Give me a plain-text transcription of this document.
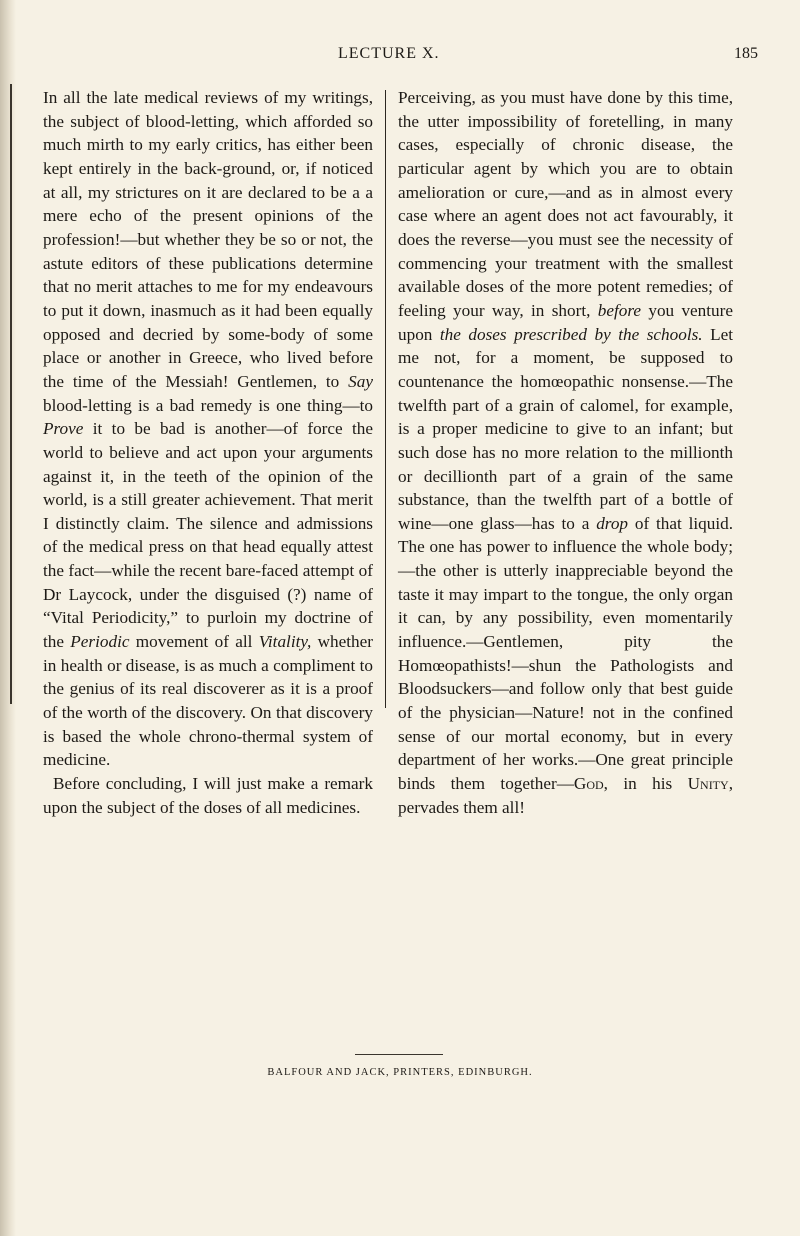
LECTURE X.	185

In all the late medical reviews of my writings, the subject of blood-letting, which afforded so much mirth to my early critics, has either been kept entirely in the back-ground, or, if noticed at all, my strictures on it are declared to be a a mere echo of the present opinions of the profession!—but whether they be so or not, the astute editors of these publications determine that no merit attaches to me for my endeavours to put it down, inasmuch as it had been equally opposed and decried by some-body of some place or another in Greece, who lived before the time of the Messiah! Gentlemen, to Say blood-letting is a bad remedy is one thing—to Prove it to be bad is another—of force the world to believe and act upon your arguments against it, in the teeth of the opinion of the world, is a still greater achievement. That merit I distinctly claim. The silence and admissions of the medical press on that head equally attest the fact—while the recent bare-faced attempt of Dr Laycock, under the disguised (?) name of “Vital Periodicity,” to purloin my doctrine of the Periodic movement of all Vitality, whether in health or disease, is as much a compliment to the genius of its real discoverer as it is a proof of the worth of the discovery. On that discovery is based the whole chrono-thermal system of medicine.

Before concluding, I will just make a remark upon the subject of the doses of all medicines.

Perceiving, as you must have done by this time, the utter impossibility of foretelling, in many cases, especially of chronic disease, the particular agent by which you are to obtain amelioration or cure,—and as in almost every case where an agent does not act favourably, it does the reverse—you must see the necessity of commencing your treatment with the smallest available doses of the more potent remedies; of feeling your way, in short, before you venture upon the doses prescribed by the schools. Let me not, for a moment, be supposed to countenance the homœopathic nonsense.—The twelfth part of a grain of calomel, for example, is a proper medicine to give to an infant; but such dose has no more relation to the millionth or decillionth part of a grain of the same substance, than the twelfth part of a bottle of wine—one glass—has to a drop of that liquid. The one has power to influence the whole body;—the other is utterly inappreciable beyond the taste it may impart to the tongue, the only organ it can, by any possibility, even momentarily influence.—Gentlemen, pity the Homœopathists!—shun the Pathologists and Bloodsuckers—and follow only that best guide of the physician—Nature! not in the confined sense of our mortal economy, but in every department of her works.—One great principle binds them together—God, in his Unity, pervades them all!

BALFOUR AND JACK, PRINTERS, EDINBURGH.
